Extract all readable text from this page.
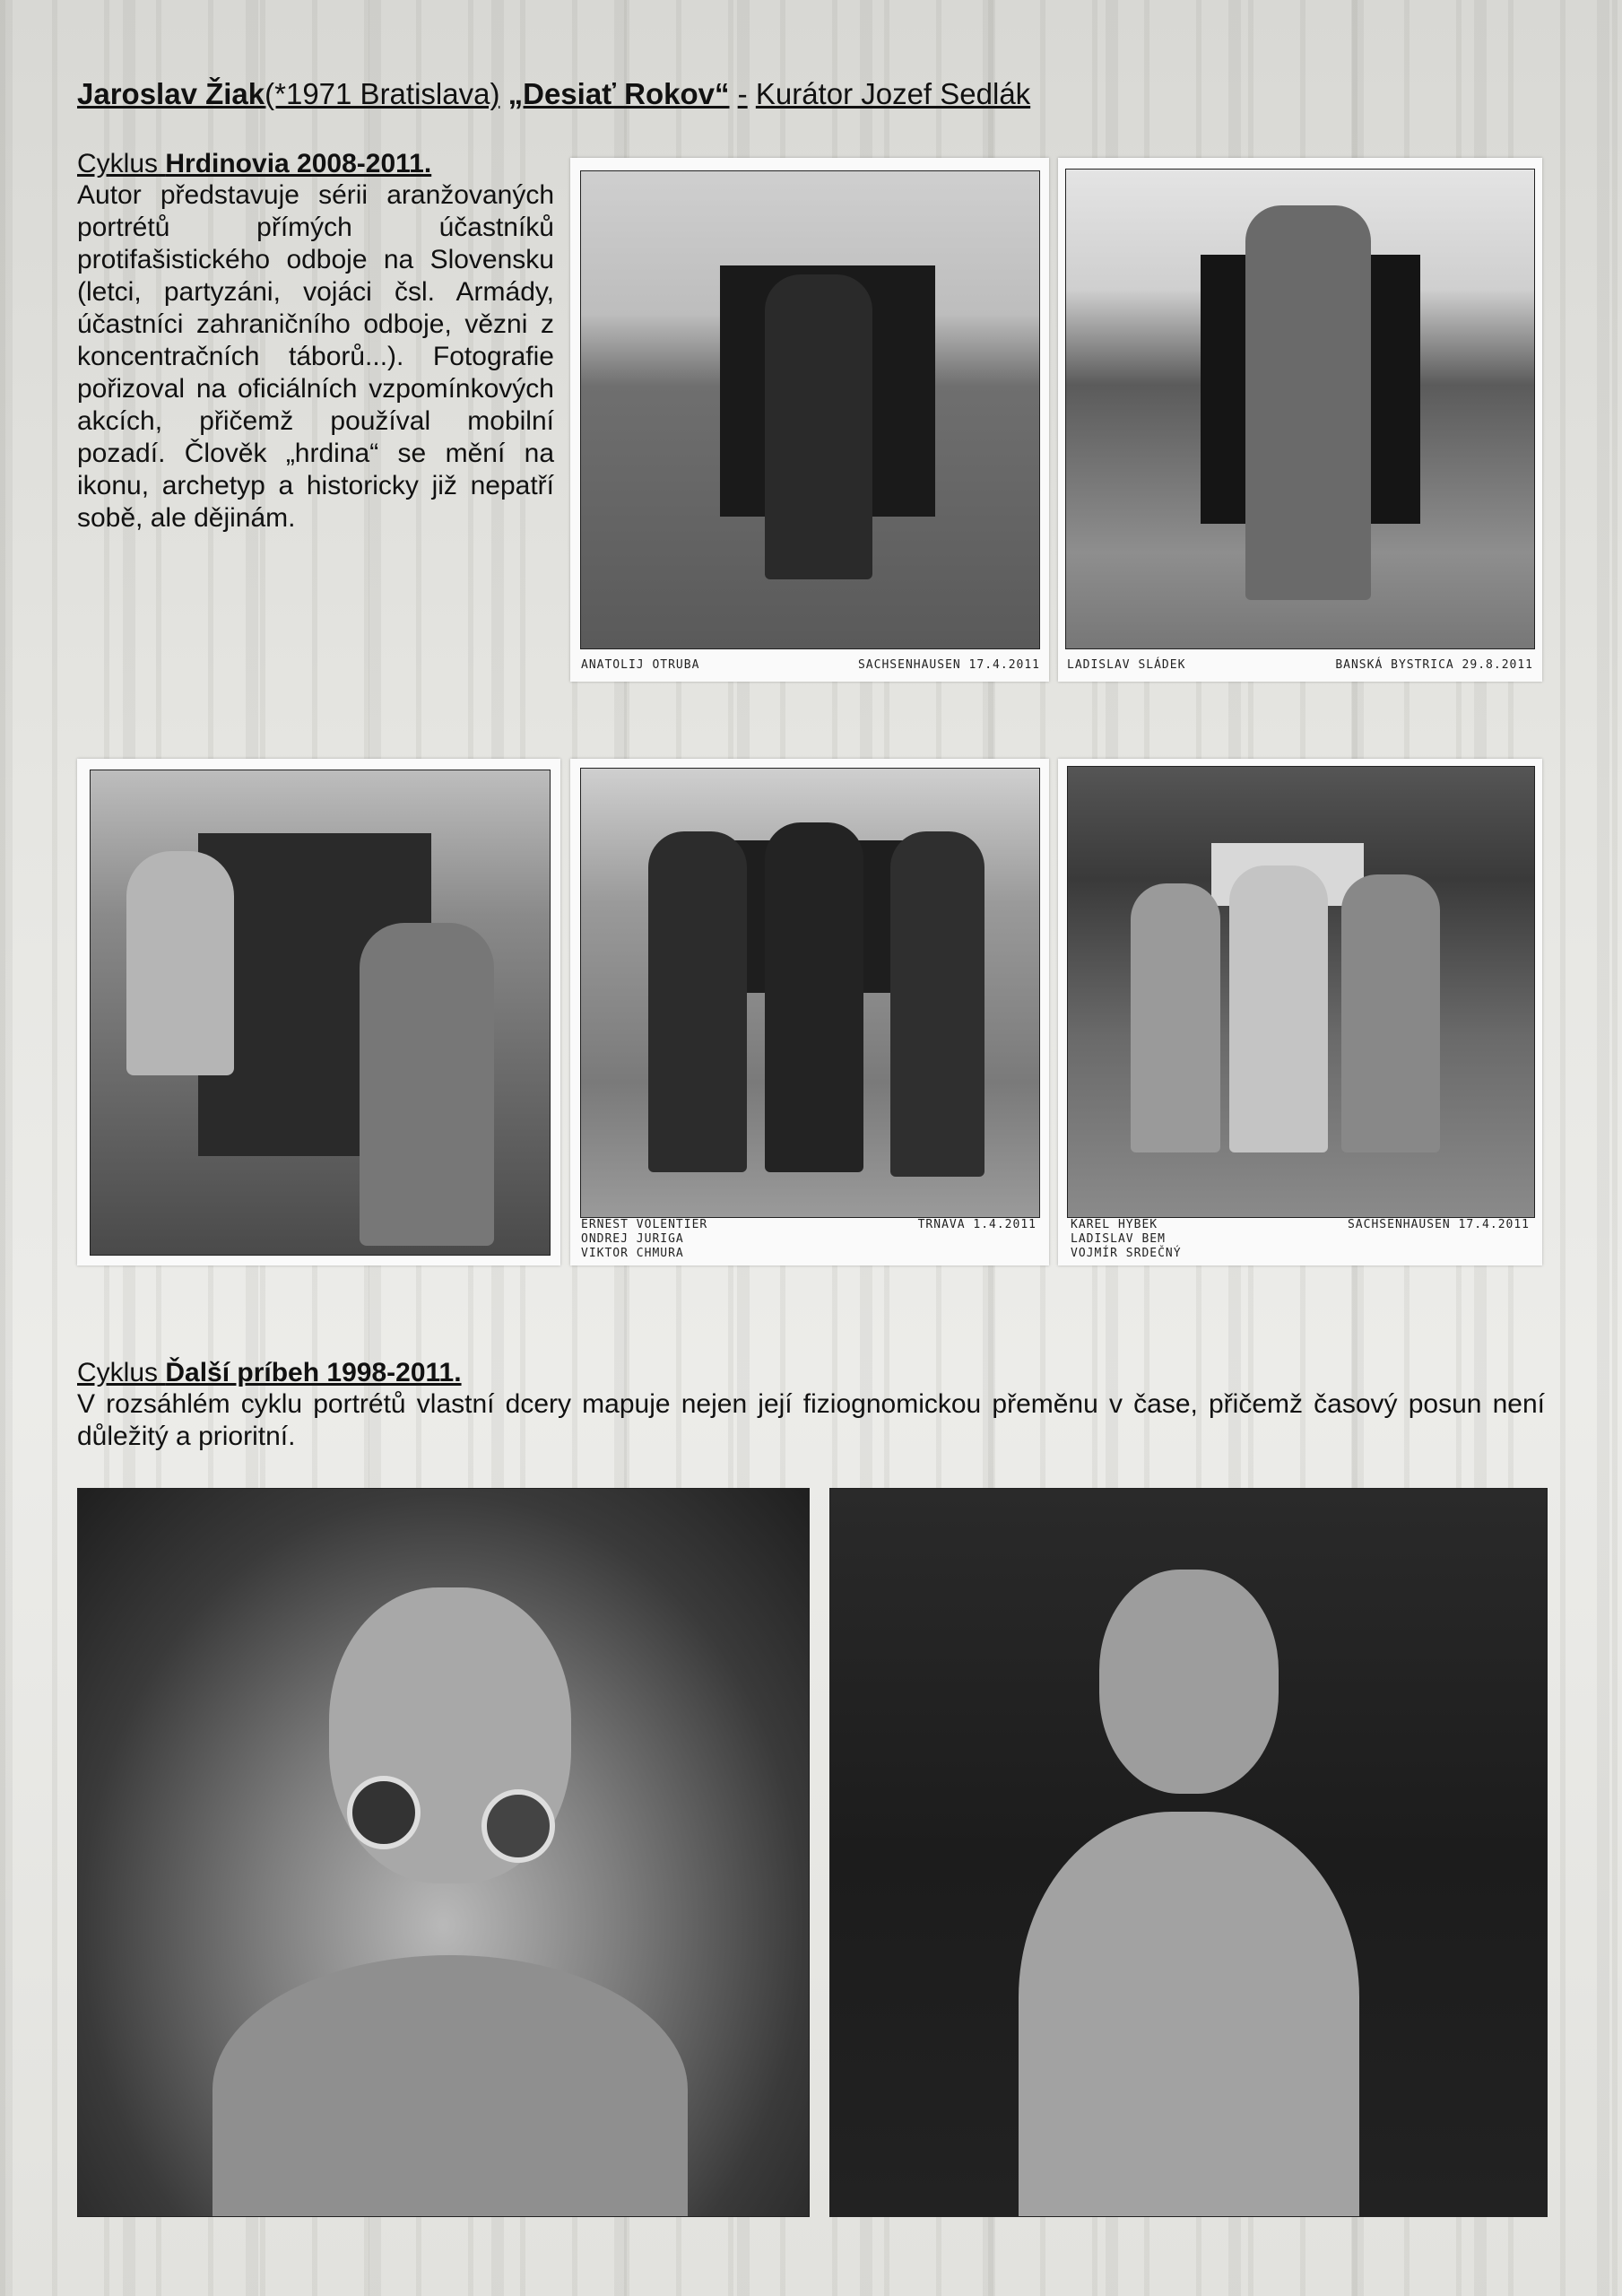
Jaroslav Žiak(*1971 Bratislava) „Desiať Rokov“ - Kurátor Jozef Sedlák
Cyklus Hrdinovia 2008-2011.
Autor představuje sérii aranžovaných portrétů přímých účastníků protifašistického odboje na Slovensku (letci, partyzáni, vojáci čsl. Armády, účastníci zahraničního odboje, vězni z koncentračních táborů...). Fotografie pořizoval na oficiálních vzpomínkových akcích, přičemž používal mobilní pozadí. Člověk „hrdina“ se mění na ikonu, archetyp a historicky již nepatří sobě, ale dějinám.
ANATOLIJ OTRUBA	SACHSENHAUSEN 17.4.2011 LADISLAV SLÁDEK	BANSKÁ BYSTRICA 29.8.2011
ERNEST VOLENTIER
ONDREJ JURIGA
VIKTOR CHMURA
TRNAVA 1.4.2011	KAREL HYBEK
LADISLAV BEM
VOJMÍR SRDEČNÝ
SACHSENHAUSEN 17.4.2011
Cyklus Ďalší príbeh 1998-2011.
V rozsáhlém cyklu portrétů vlastní dcery mapuje nejen její fiziognomickou přeměnu v čase, přičemž časový posun není důležitý a prioritní.
